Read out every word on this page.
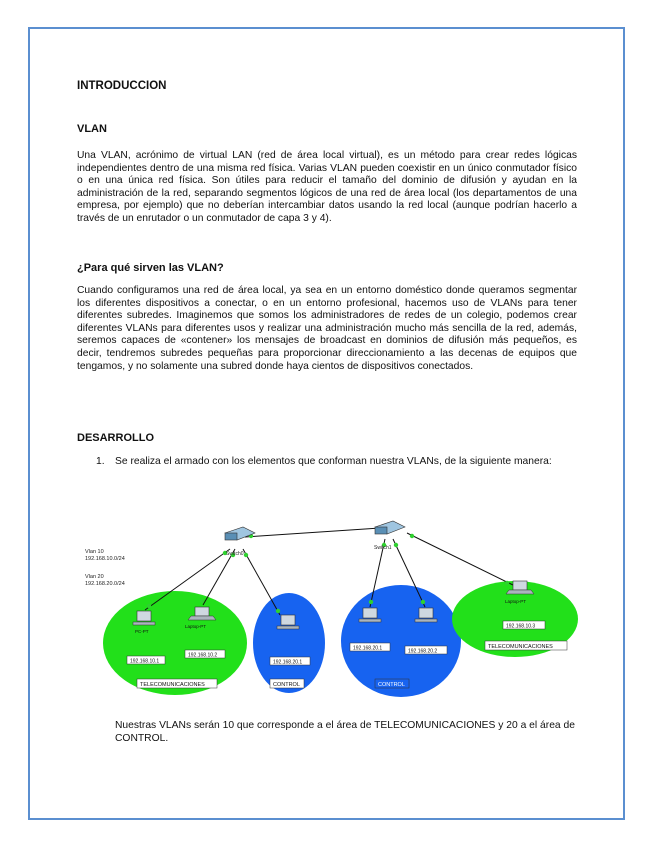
INTRODUCCION
VLAN

Una VLAN, acrónimo de virtual LAN (red de área local virtual), es un método para crear redes lógicas independientes dentro de una misma red física. Varias VLAN pueden coexistir en un único conmutador físico o en una única red física. Son útiles para reducir el tamaño del dominio de difusión y ayudan en la administración de la red, separando segmentos lógicos de una red de área local (los departamentos de una empresa, por ejemplo) que no deberían intercambiar datos usando la red local (aunque podrían hacerlo a través de un enrutador o un conmutador de capa 3 y 4).

¿Para qué sirven las VLAN?

Cuando configuramos una red de área local, ya sea en un entorno doméstico donde queramos segmentar los diferentes dispositivos a conectar, o en un entorno profesional, hacemos uso de VLANs para tener diferentes subredes. Imaginemos que somos los administradores de redes de un colegio, podemos crear diferentes VLANs para diferentes usos y realizar una administración mucho más sencilla de la red, además, seremos capaces de «contener» los mensajes de broadcast en dominios de difusión más pequeños, es decir, tendremos subredes pequeñas para proporcionar direccionamiento a las decenas de equipos que tengamos, y no solamente una subred donde haya cientos de dispositivos conectados.

DESARROLLO
1. Se realiza el armado con los elementos que conforman nuestra VLANs, de la siguiente manera:
Switch0
Switch1
Vlan 10
192.168.10.0/24
Vlan 20
192.168.20.0/24
PC-PT
Laptop-PT
Laptop-PT
192.168.10.1
192.168.10.2
192.168.20.1
192.168.20.1	192.168.20.2
192.168.10.3
TELECOMUNICACIONES	CONTROL	CONTROL
TELECOMUNICACIONES
Nuestras VLANs serán 10 que corresponde a el área de TELECOMUNICACIONES y 20 a el área de CONTROL.
